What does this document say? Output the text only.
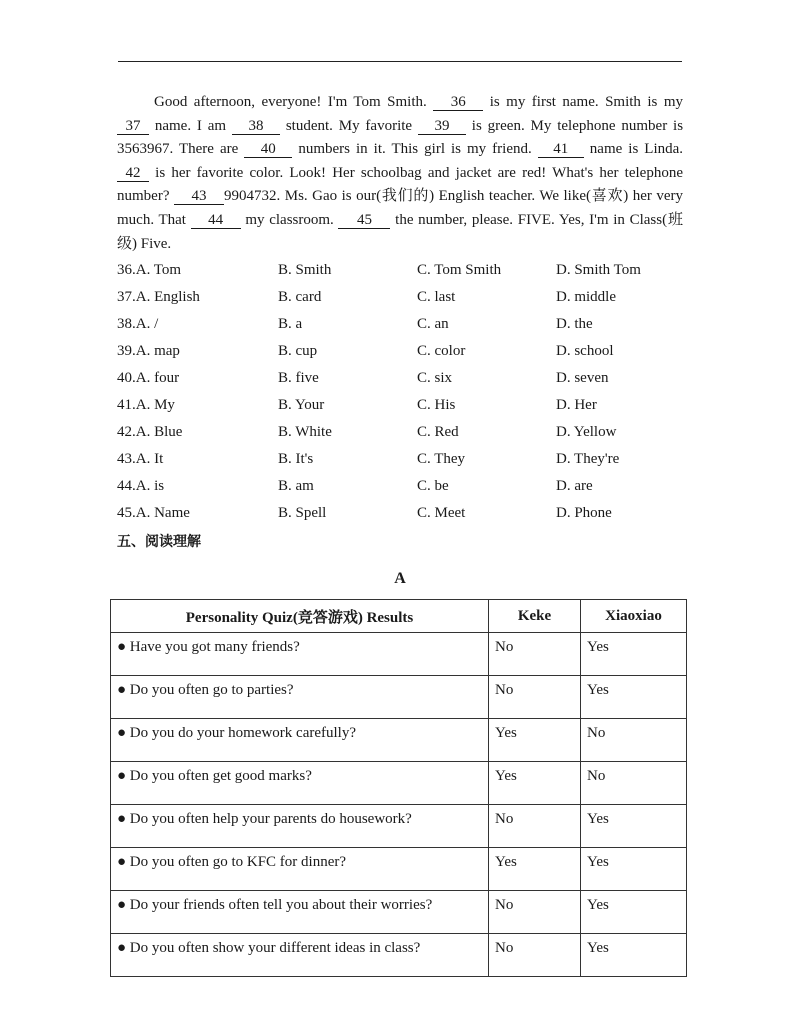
Good afternoon, everyone! I'm Tom Smith. 36 is my first name. Smith is my 37 name. I am 38 student. My favorite 39 is green. My telephone number is 3563967. There are 40 numbers in it. This girl is my friend. 41 name is Linda. 42 is her favorite color. Look! Her schoolbag and jacket are red! What's her telephone number? 43 9904732. Ms. Gao is our(我们的) English teacher. We like(喜欢) her very much. That 44 my classroom. 45 the number, please. FIVE. Yes, I'm in Class(班级) Five.
36.A. Tom	B. Smith	C. Tom Smith	D. Smith Tom
37.A. English	B. card	C. last	D. middle
38.A. /	B. a	C. an	D. the
39.A. map	B. cup	C. color	D. school
40.A. four	B. five	C. six	D. seven
41.A. My	B. Your	C. His	D. Her
42.A. Blue	B. White	C. Red	D. Yellow
43.A. It	B. It's	C. They	D. They're
44.A. is	B. am	C. be	D. are
45.A. Name	B. Spell	C. Meet	D. Phone
五、阅读理解
A
Personality Quiz(竞答游戏) Results	Keke	Xiaoxiao
● Have you got many friends?	No	Yes
● Do you often go to parties?	No	Yes
● Do you do your homework carefully?	Yes	No
● Do you often get good marks?	Yes	No
● Do you often help your parents do housework?	No	Yes
● Do you often go to KFC for dinner?	Yes	Yes
● Do your friends often tell you about their worries?	No	Yes
● Do you often show your different ideas in class?	No	Yes
